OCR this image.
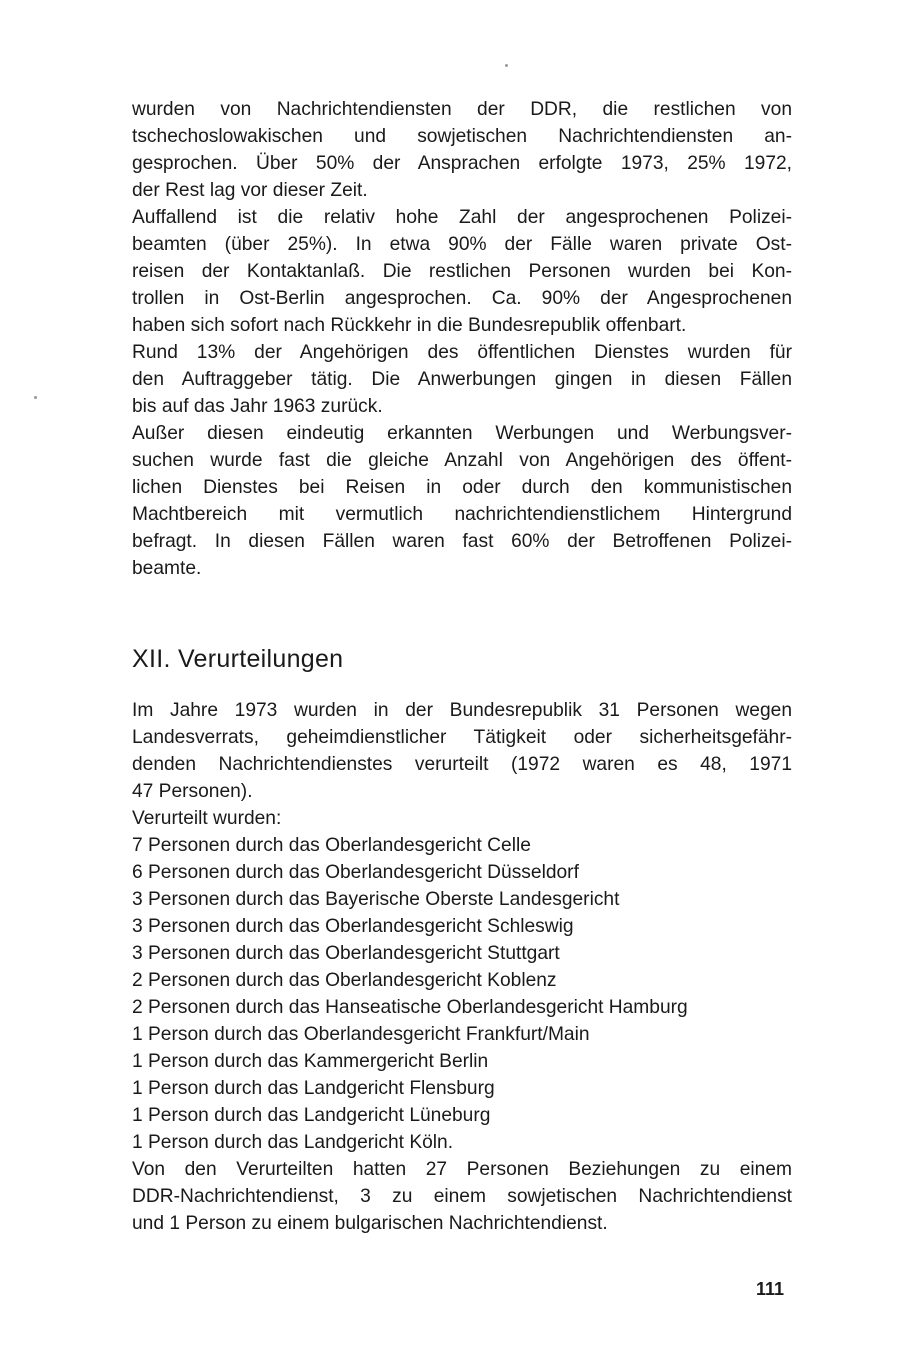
wurden von Nachrichtendiensten der DDR, die restlichen von
tschechoslowakischen und sowjetischen Nachrichtendiensten an-
gesprochen. Über 50% der Ansprachen erfolgte 1973, 25% 1972,
der Rest lag vor dieser Zeit.
Auffallend ist die relativ hohe Zahl der angesprochenen Polizei-
beamten (über 25%). In etwa 90% der Fälle waren private Ost-
reisen der Kontaktanlaß. Die restlichen Personen wurden bei Kon-
trollen in Ost-Berlin angesprochen. Ca. 90% der Angesprochenen
haben sich sofort nach Rückkehr in die Bundesrepublik offenbart.
Rund 13% der Angehörigen des öffentlichen Dienstes wurden für
den Auftraggeber tätig. Die Anwerbungen gingen in diesen Fällen
bis auf das Jahr 1963 zurück.
Außer diesen eindeutig erkannten Werbungen und Werbungsver-
suchen wurde fast die gleiche Anzahl von Angehörigen des öffent-
lichen Dienstes bei Reisen in oder durch den kommunistischen
Machtbereich mit vermutlich nachrichtendienstlichem Hintergrund
befragt. In diesen Fällen waren fast 60% der Betroffenen Polizei-
beamte.
XII. Verurteilungen
Im Jahre 1973 wurden in der Bundesrepublik 31 Personen wegen
Landesverrats, geheimdienstlicher Tätigkeit oder sicherheitsgefähr-
denden Nachrichtendienstes verurteilt (1972 waren es 48, 1971
47 Personen).
Verurteilt wurden:
7 Personen durch das Oberlandesgericht Celle
6 Personen durch das Oberlandesgericht Düsseldorf
3 Personen durch das Bayerische Oberste Landesgericht
3 Personen durch das Oberlandesgericht Schleswig
3 Personen durch das Oberlandesgericht Stuttgart
2 Personen durch das Oberlandesgericht Koblenz
2 Personen durch das Hanseatische Oberlandesgericht Hamburg
1 Person durch das Oberlandesgericht Frankfurt/Main
1 Person durch das Kammergericht Berlin
1 Person durch das Landgericht Flensburg
1 Person durch das Landgericht Lüneburg
1 Person durch das Landgericht Köln.
Von den Verurteilten hatten 27 Personen Beziehungen zu einem
DDR-Nachrichtendienst, 3 zu einem sowjetischen Nachrichtendienst
und 1 Person zu einem bulgarischen Nachrichtendienst.
111
